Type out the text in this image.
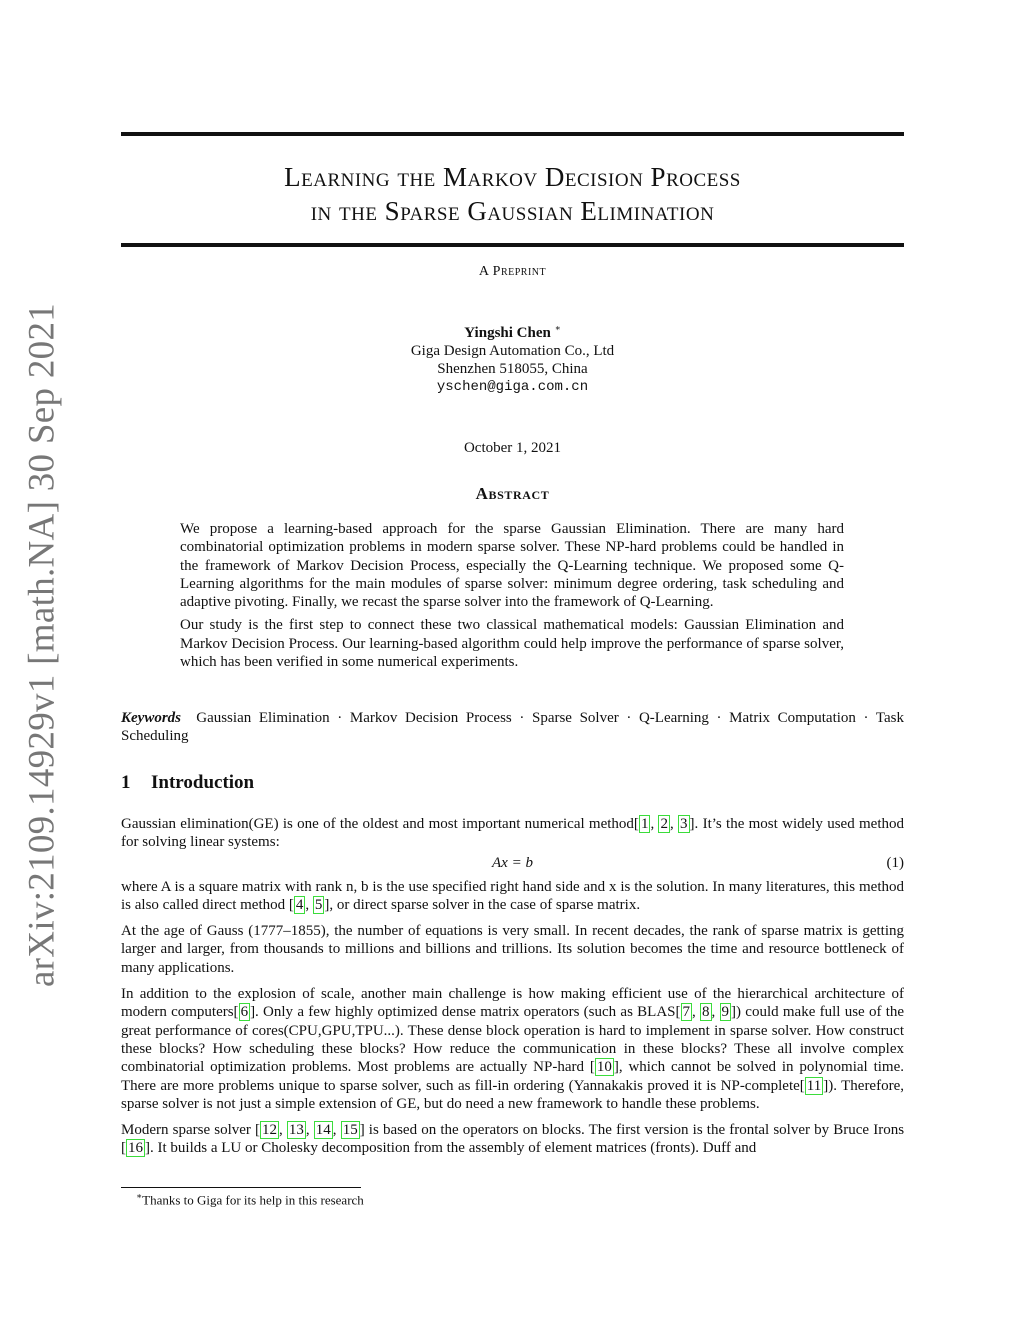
arXiv:2109.14929v1 [math.NA] 30 Sep 2021
Learning the Markov Decision Process
in the Sparse Gaussian Elimination
A Preprint
Yingshi Chen ∗
Giga Design Automation Co., Ltd
Shenzhen 518055, China
yschen@giga.com.cn
October 1, 2021
Abstract

We propose a learning-based approach for the sparse Gaussian Elimination. There are many hard combinatorial optimization problems in modern sparse solver. These NP-hard problems could be handled in the framework of Markov Decision Process, especially the Q-Learning technique. We proposed some Q-Learning algorithms for the main modules of sparse solver: minimum degree ordering, task scheduling and adaptive pivoting. Finally, we recast the sparse solver into the framework of Q-Learning.

Our study is the first step to connect these two classical mathematical models: Gaussian Elimination and Markov Decision Process. Our learning-based algorithm could help improve the performance of sparse solver, which has been verified in some numerical experiments.

Keywords Gaussian Elimination · Markov Decision Process · Sparse Solver · Q-Learning · Matrix Computation · Task Scheduling
1 Introduction

Gaussian elimination(GE) is one of the oldest and most important numerical method[ 1 , 2 , 3 ]. It’s the most widely used method for solving linear systems:

Ax = b	(1)

where A is a square matrix with rank n, b is the use specified right hand side and x is the solution. In many literatures, this method is also called direct method [ 4 , 5 ], or direct sparse solver in the case of sparse matrix.

At the age of Gauss (1777–1855), the number of equations is very small. In recent decades, the rank of sparse matrix is getting larger and larger, from thousands to millions and billions and trillions. Its solution becomes the time and resource bottleneck of many applications.

In addition to the explosion of scale, another main challenge is how making efficient use of the hierarchical architecture of modern computers[ 6 ]. Only a few highly optimized dense matrix operators (such as BLAS[ 7 , 8 , 9 ]) could make full use of the great performance of cores(CPU,GPU,TPU...). These dense block operation is hard to implement in sparse solver. How construct these blocks? How scheduling these blocks? How reduce the communication in these blocks? These all involve complex combinatorial optimization problems. Most problems are actually NP-hard [ 10 ], which cannot be solved in polynomial time. There are more problems unique to sparse solver, such as fill-in ordering (Yannakakis proved it is NP-complete[ 11 ]). Therefore, sparse solver is not just a simple extension of GE, but do need a new framework to handle these problems.

Modern sparse solver [ 12 , 13 , 14 , 15 ] is based on the operators on blocks. The first version is the frontal solver by Bruce Irons [ 16 ]. It builds a LU or Cholesky decomposition from the assembly of element matrices (fronts). Duff and

∗Thanks to Giga for its help in this research
